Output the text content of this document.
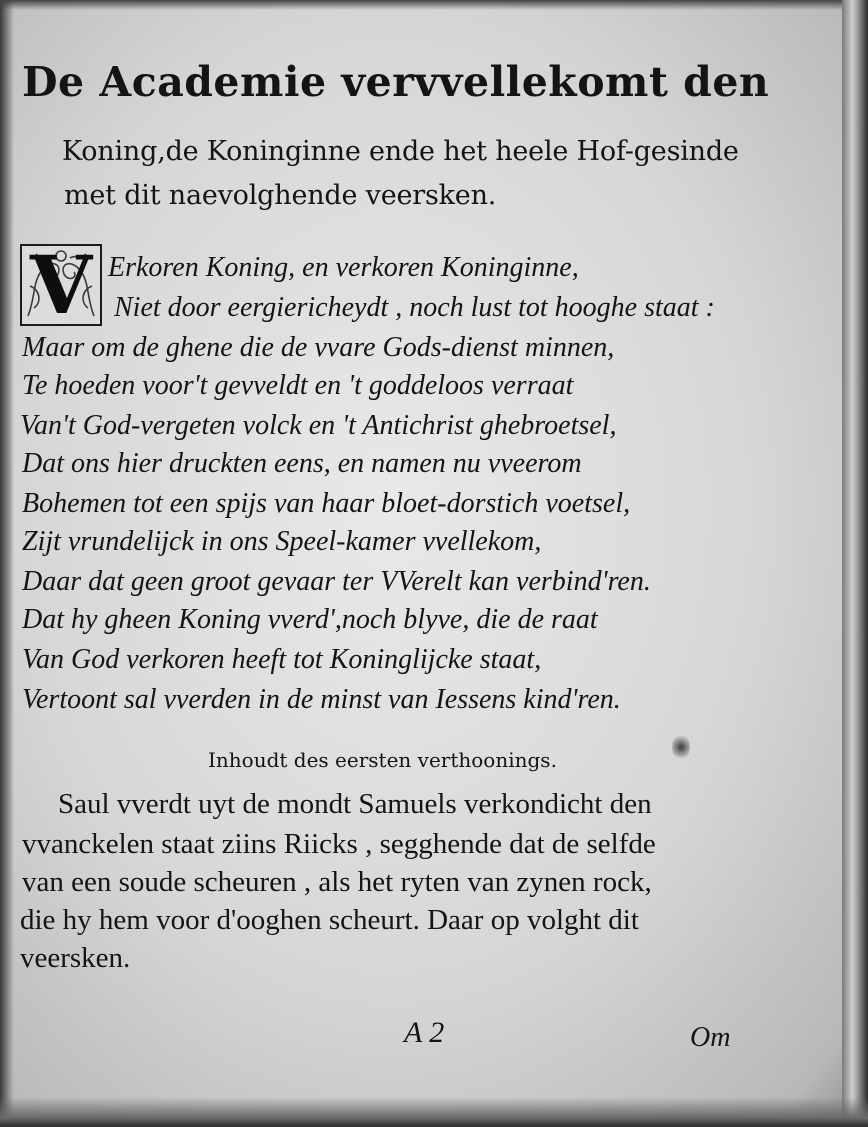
De Academie vervvellekomt den
Koning,de Koninginne ende het heele Hof-gesinde
met dit naevolghende veersken.
V Erkoren Koning, en verkoren Koninginne,
Niet door eergiericheydt , noch lust tot hooghe staat :
Maar om de ghene die de vvare Gods-dienst minnen,
Te hoeden voor't gevveldt en 't goddeloos verraat
Van't God-vergeten volck en 't Antichrist ghebroetsel,
Dat ons hier druckten eens, en namen nu vveerom
Bohemen tot een spijs van haar bloet-dorstich voetsel,
Zijt vrundelijck in ons Speel-kamer vvellekom,
Daar dat geen groot gevaar ter VVerelt kan verbind'ren.
Dat hy gheen Koning vverd',noch blyve, die de raat
Van God verkoren heeft tot Koninglijcke staat,
Vertoont sal vverden in de minst van Iessens kind'ren.
Inhoudt des eersten verthoonings.
Saul vverdt uyt de mondt Samuels verkondicht den
vvanckelen staat ziins Riicks , segghende dat de selfde
van een soude scheuren , als het ryten van zynen rock,
die hy hem voor d'ooghen scheurt. Daar op volght dit
veersken.
A 2	Om
